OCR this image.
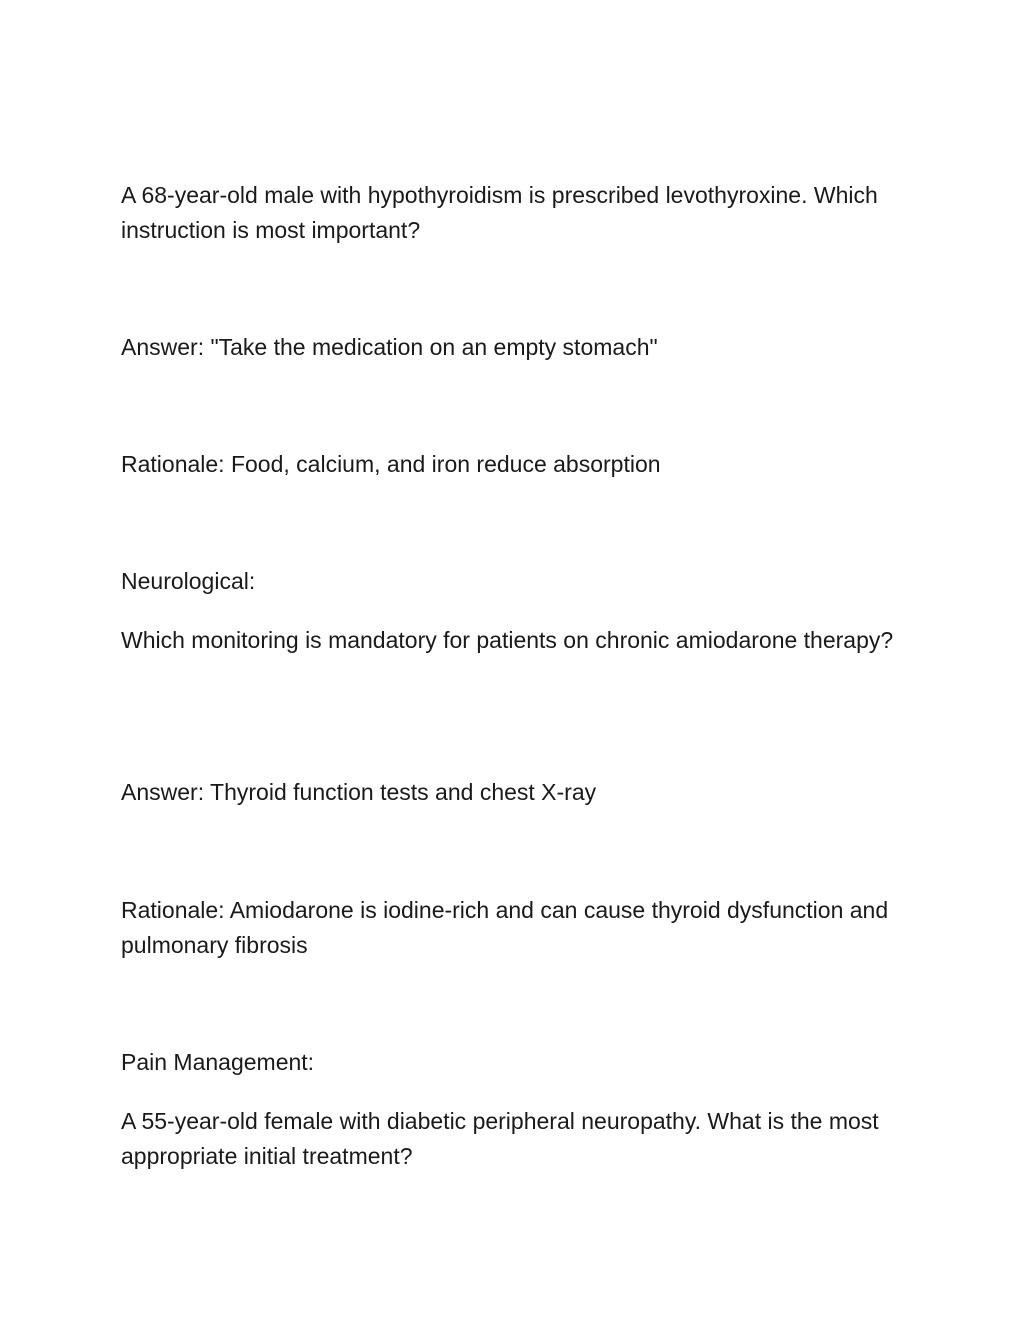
A 68-year-old male with hypothyroidism is prescribed levothyroxine. Which instruction is most important?

Answer: "Take the medication on an empty stomach"

Rationale: Food, calcium, and iron reduce absorption

Neurological:

Which monitoring is mandatory for patients on chronic amiodarone therapy?

Answer: Thyroid function tests and chest X-ray

Rationale: Amiodarone is iodine-rich and can cause thyroid dysfunction and pulmonary fibrosis

Pain Management:

A 55-year-old female with diabetic peripheral neuropathy. What is the most appropriate initial treatment?
